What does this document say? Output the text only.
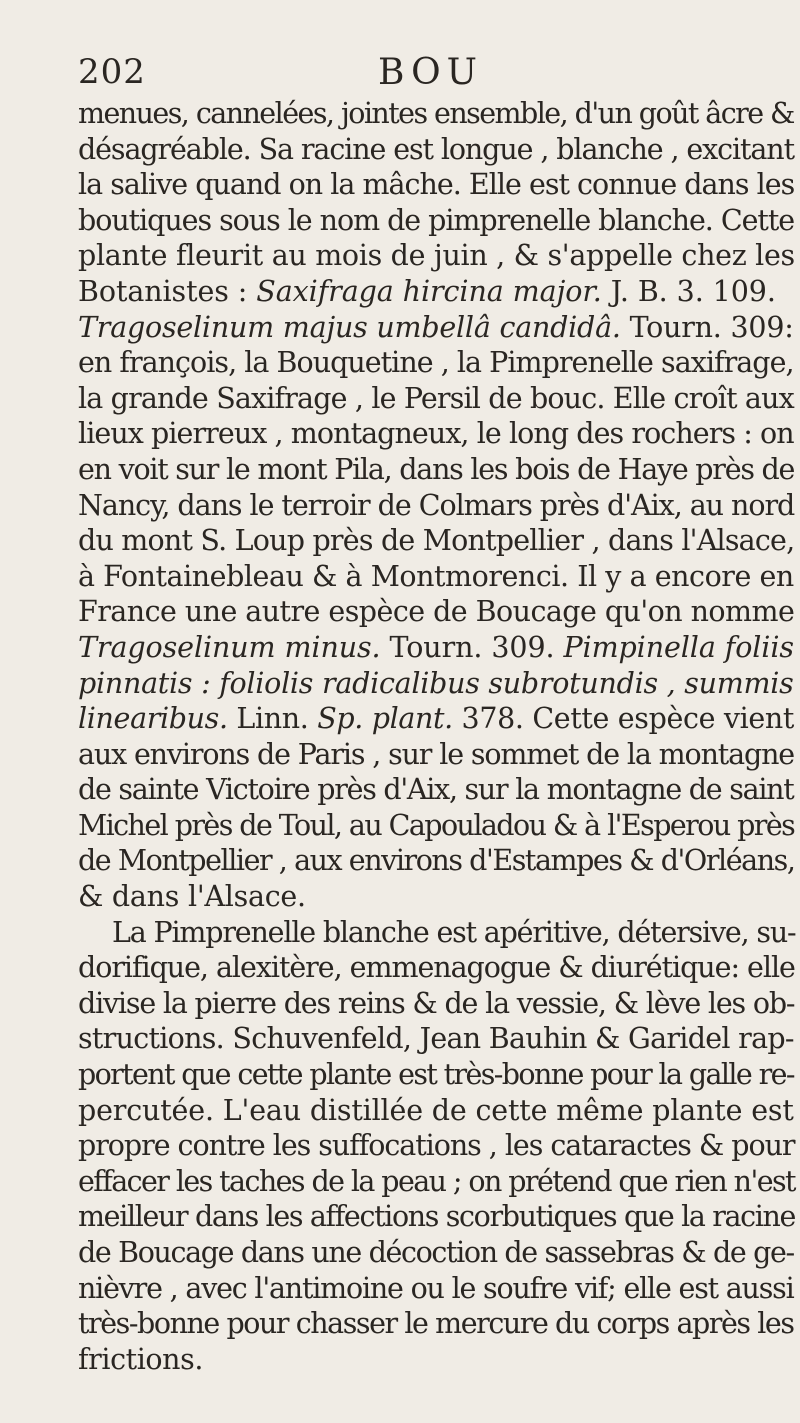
202	BOU
menues, cannelées, jointes ensemble, d'un goût âcre &
désagréable. Sa racine est longue , blanche , excitant
la salive quand on la mâche. Elle est connue dans les
boutiques sous le nom de pimprenelle blanche. Cette
plante fleurit au mois de juin , & s'appelle chez les
Botanistes : Saxifraga hircina major. J. B. 3. 109.
Tragoselinum majus umbellâ candidâ. Tourn. 309:
en françois, la Bouquetine , la Pimprenelle saxifrage,
la grande Saxifrage , le Persil de bouc. Elle croît aux
lieux pierreux , montagneux, le long des rochers : on
en voit sur le mont Pila, dans les bois de Haye près de
Nancy, dans le terroir de Colmars près d'Aix, au nord
du mont S. Loup près de Montpellier , dans l'Alsace,
à Fontainebleau & à Montmorenci. Il y a encore en
France une autre espèce de Boucage qu'on nomme
Tragoselinum minus. Tourn. 309. Pimpinella foliis
pinnatis : foliolis radicalibus subrotundis , summis
linearibus. Linn. Sp. plant. 378. Cette espèce vient
aux environs de Paris , sur le sommet de la montagne
de sainte Victoire près d'Aix, sur la montagne de saint
Michel près de Toul, au Capouladou & à l'Esperou près
de Montpellier , aux environs d'Estampes & d'Orléans,
& dans l'Alsace.
La Pimprenelle blanche est apéritive, détersive, su-
dorifique, alexitère, emmenagogue & diurétique: elle
divise la pierre des reins & de la vessie, & lève les ob-
structions. Schuvenfeld, Jean Bauhin & Garidel rap-
portent que cette plante est très-bonne pour la galle re-
percutée. L'eau distillée de cette même plante est
propre contre les suffocations , les cataractes & pour
effacer les taches de la peau ; on prétend que rien n'est
meilleur dans les affections scorbutiques que la racine
de Boucage dans une décoction de sassebras & de ge-
nièvre , avec l'antimoine ou le soufre vif; elle est aussi
très-bonne pour chasser le mercure du corps après les
frictions.
